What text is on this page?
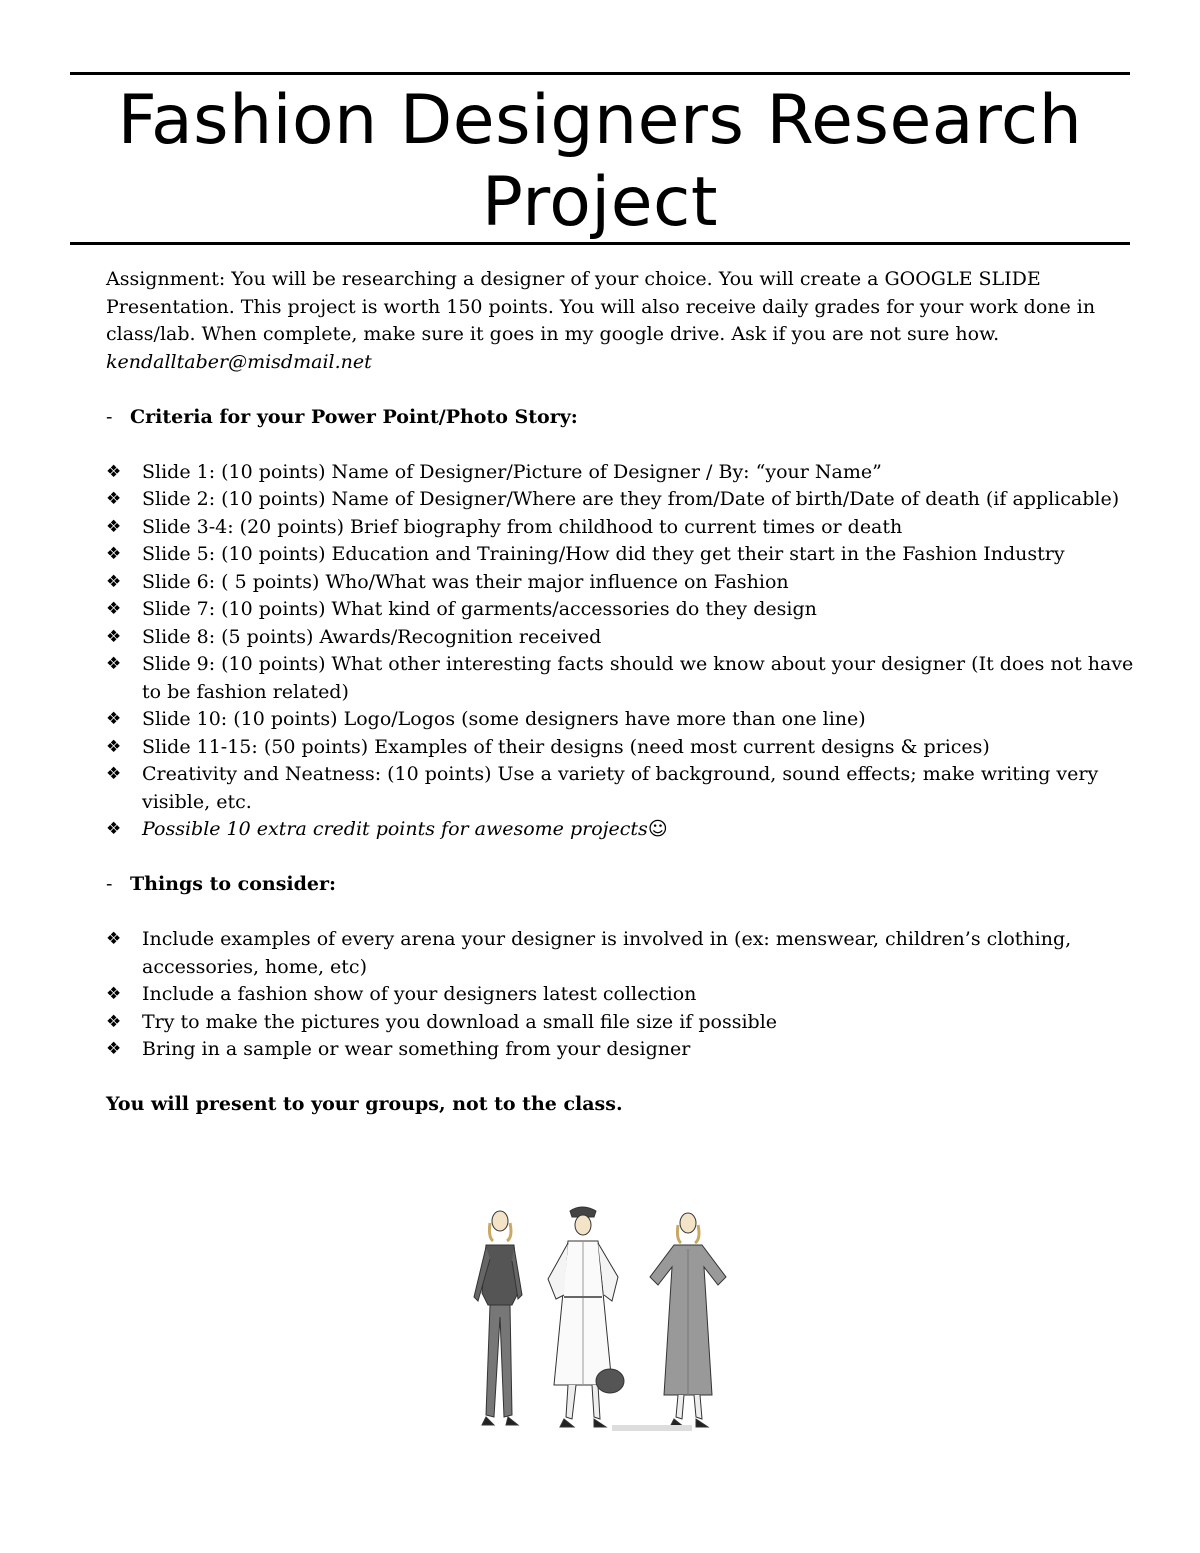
Fashion Designers Research
Project

Assignment: You will be researching a designer of your choice. You will create a GOOGLE SLIDE Presentation. This project is worth 150 points. You will also receive daily grades for your work done in class/lab. When complete, make sure it goes in my google drive. Ask if you are not sure how.
kendalltaber@misdmail.net

- Criteria for your Power Point/Photo Story:

❖	Slide 1: (10 points) Name of Designer/Picture of Designer / By: “your Name”
❖	Slide 2: (10 points) Name of Designer/Where are they from/Date of birth/Date of death (if applicable)
❖	Slide 3-4: (20 points) Brief biography from childhood to current times or death
❖	Slide 5: (10 points) Education and Training/How did they get their start in the Fashion Industry
❖	Slide 6: ( 5 points) Who/What was their major influence on Fashion
❖	Slide 7: (10 points) What kind of garments/accessories do they design
❖	Slide 8: (5 points) Awards/Recognition received
❖	Slide 9: (10 points) What other interesting facts should we know about your designer (It does not have to be fashion related)
❖	Slide 10: (10 points) Logo/Logos (some designers have more than one line)
❖	Slide 11-15: (50 points) Examples of their designs (need most current designs & prices)
❖	Creativity and Neatness: (10 points) Use a variety of background, sound effects; make writing very visible, etc.
❖	Possible 10 extra credit points for awesome projects☺

- Things to consider:

❖	Include examples of every arena your designer is involved in (ex: menswear, children’s clothing, accessories, home, etc)
❖	Include a fashion show of your designers latest collection
❖	Try to make the pictures you download a small file size if possible
❖	Bring in a sample or wear something from your designer

You will present to your groups, not to the class.
